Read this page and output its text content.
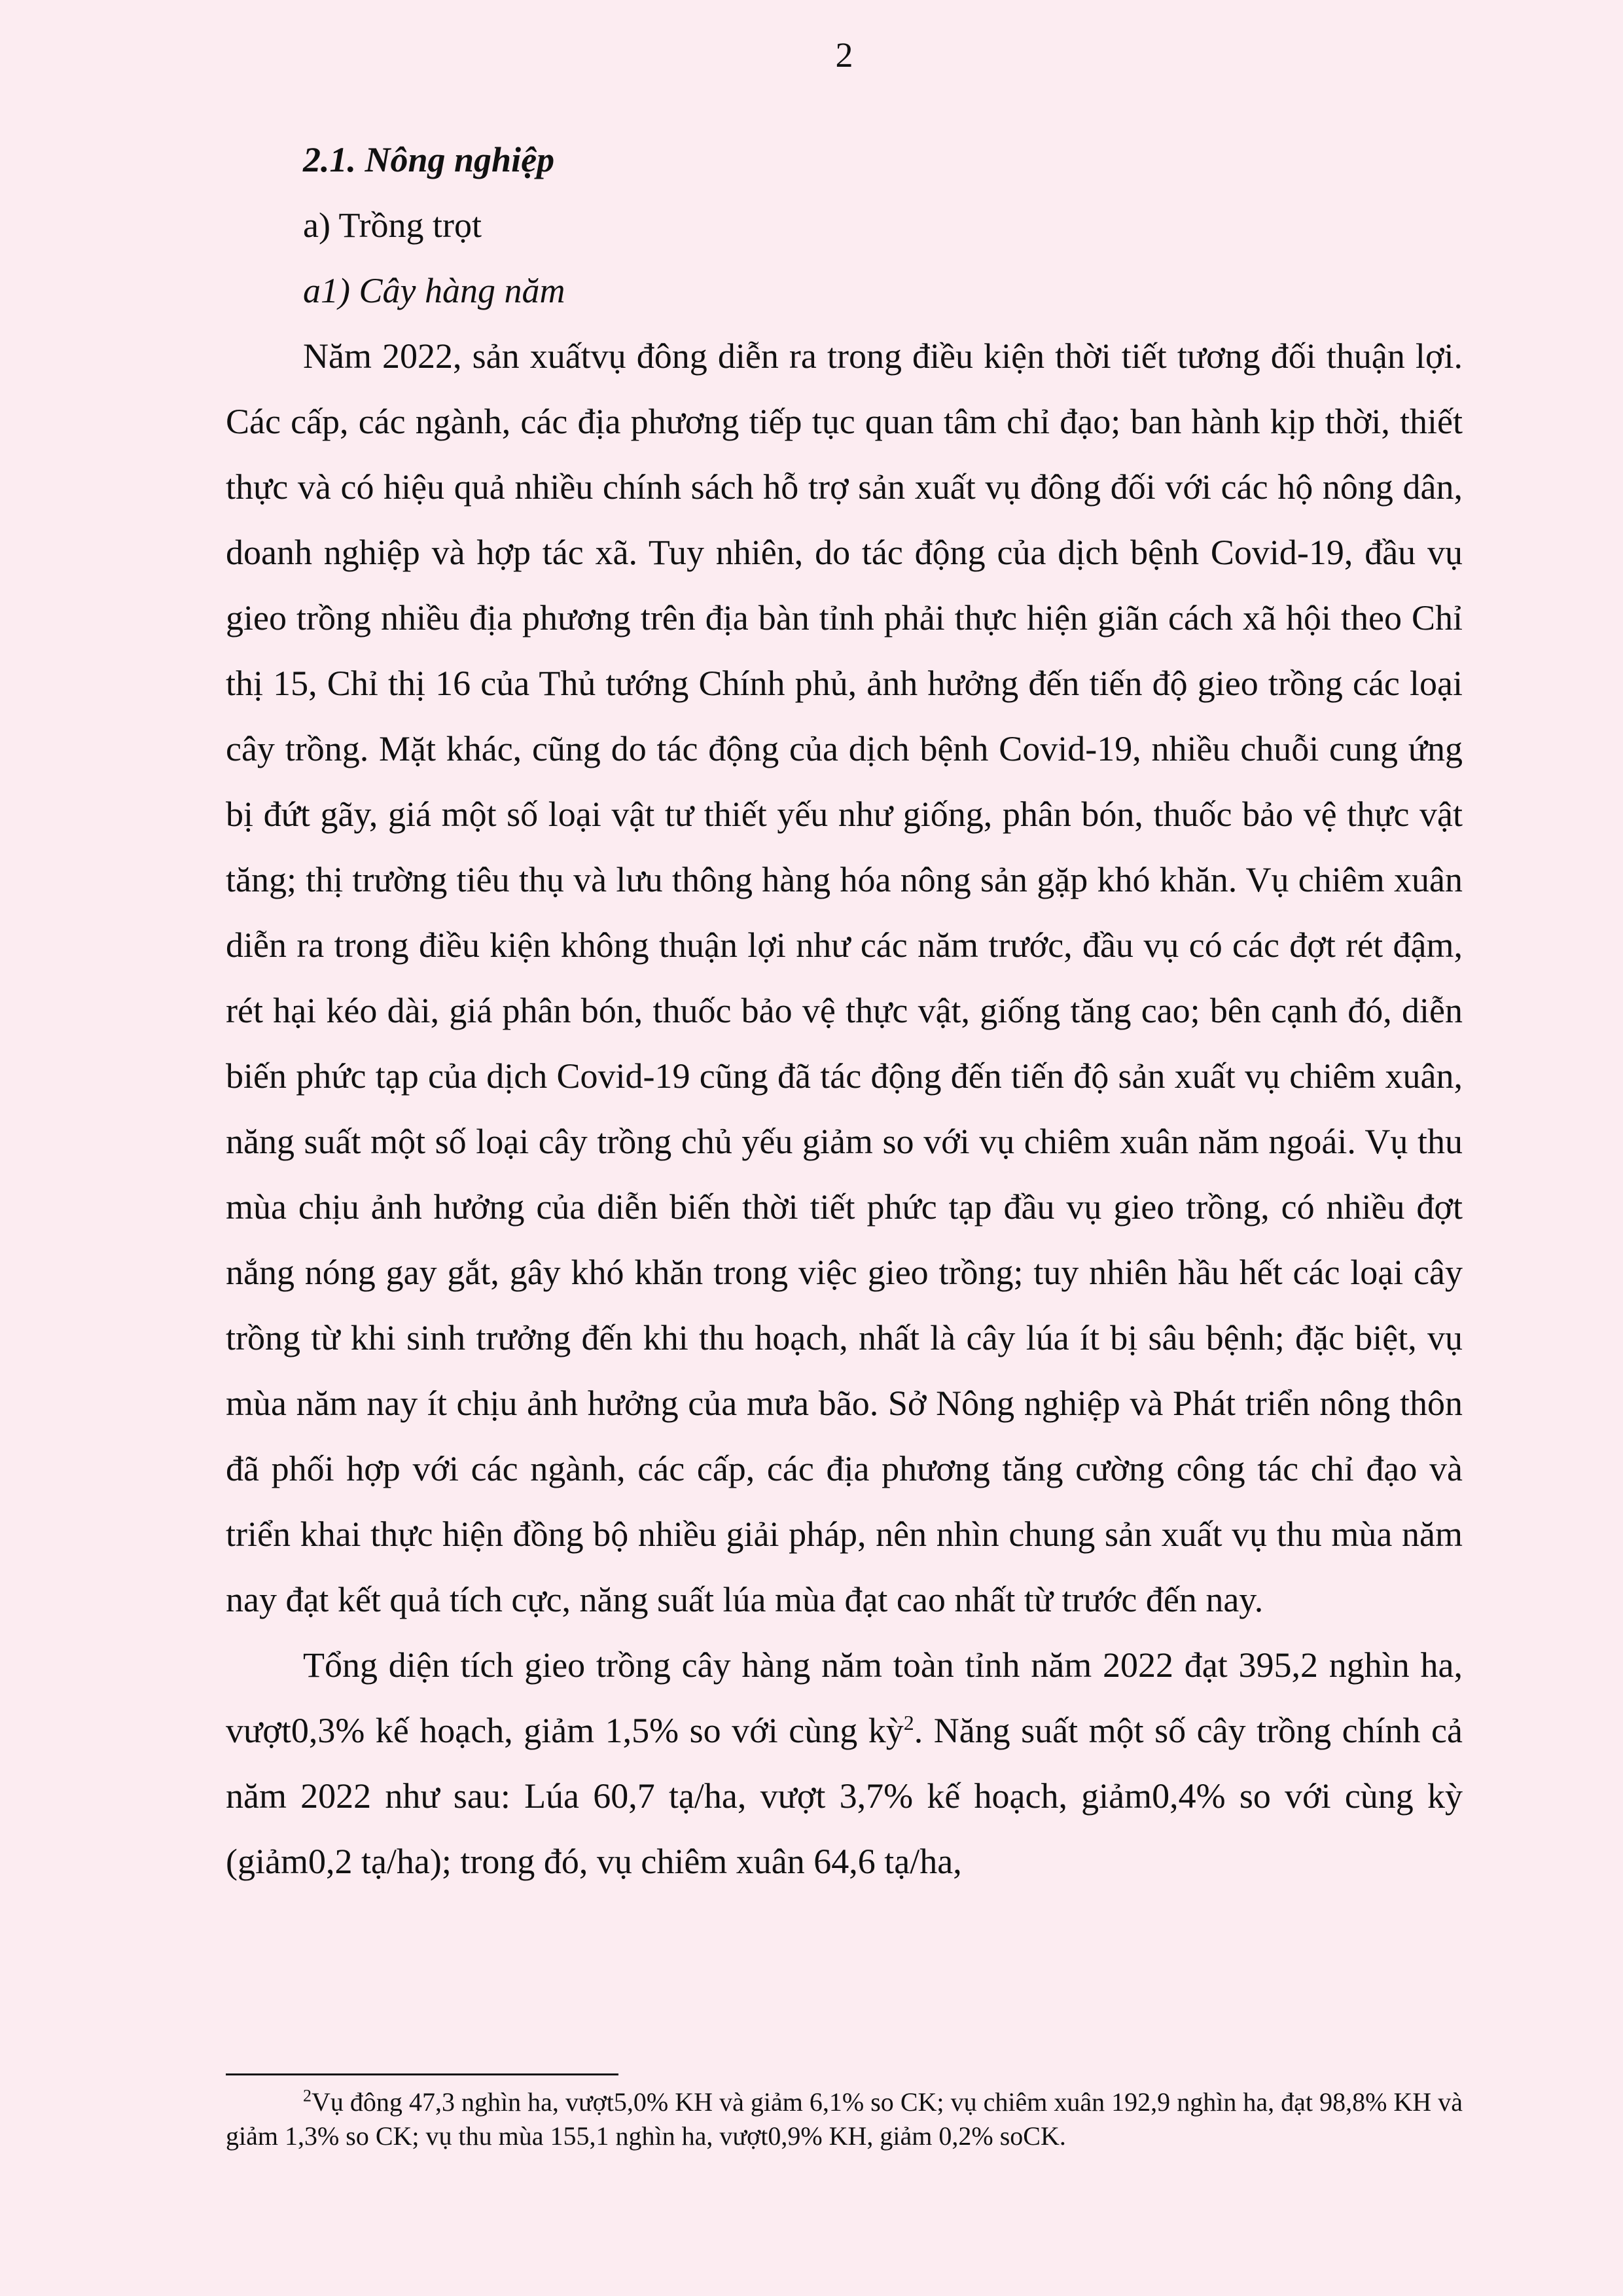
2

2.1. Nông nghiệp

a) Trồng trọt

a1) Cây hàng năm

Năm 2022, sản xuấtvụ đông diễn ra trong điều kiện thời tiết tương đối thuận lợi. Các cấp, các ngành, các địa phương tiếp tục quan tâm chỉ đạo; ban hành kịp thời, thiết thực và có hiệu quả nhiều chính sách hỗ trợ sản xuất vụ đông đối với các hộ nông dân, doanh nghiệp và hợp tác xã. Tuy nhiên, do tác động của dịch bệnh Covid-19, đầu vụ gieo trồng nhiều địa phương trên địa bàn tỉnh phải thực hiện giãn cách xã hội theo Chỉ thị 15, Chỉ thị 16 của Thủ tướng Chính phủ, ảnh hưởng đến tiến độ gieo trồng các loại cây trồng. Mặt khác, cũng do tác động của dịch bệnh Covid-19, nhiều chuỗi cung ứng bị đứt gãy, giá một số loại vật tư thiết yếu như giống, phân bón, thuốc bảo vệ thực vật tăng; thị trường tiêu thụ và lưu thông hàng hóa nông sản gặp khó khăn. Vụ chiêm xuân diễn ra trong điều kiện không thuận lợi như các năm trước, đầu vụ có các đợt rét đậm, rét hại kéo dài, giá phân bón, thuốc bảo vệ thực vật, giống tăng cao; bên cạnh đó, diễn biến phức tạp của dịch Covid-19 cũng đã tác động đến tiến độ sản xuất vụ chiêm xuân, năng suất một số loại cây trồng chủ yếu giảm so với vụ chiêm xuân năm ngoái. Vụ thu mùa chịu ảnh hưởng của diễn biến thời tiết phức tạp đầu vụ gieo trồng, có nhiều đợt nắng nóng gay gắt, gây khó khăn trong việc gieo trồng; tuy nhiên hầu hết các loại cây trồng từ khi sinh trưởng đến khi thu hoạch, nhất là cây lúa ít bị sâu bệnh; đặc biệt, vụ mùa năm nay ít chịu ảnh hưởng của mưa bão. Sở Nông nghiệp và Phát triển nông thôn đã phối hợp với các ngành, các cấp, các địa phương tăng cường công tác chỉ đạo và triển khai thực hiện đồng bộ nhiều giải pháp, nên nhìn chung sản xuất vụ thu mùa năm nay đạt kết quả tích cực, năng suất lúa mùa đạt cao nhất từ trước đến nay.

Tổng diện tích gieo trồng cây hàng năm toàn tỉnh năm 2022 đạt 395,2 nghìn ha, vượt0,3% kế hoạch, giảm 1,5% so với cùng kỳ$^2$. Năng suất một số cây trồng chính cả năm 2022 như sau: Lúa 60,7 tạ/ha, vượt 3,7% kế hoạch, giảm0,4% so với cùng kỳ (giảm0,2 tạ/ha); trong đó, vụ chiêm xuân 64,6 tạ/ha,

$^2$Vụ đông 47,3 nghìn ha, vượt5,0% KH và giảm 6,1% so CK; vụ chiêm xuân 192,9 nghìn ha, đạt 98,8% KH và giảm 1,3% so CK; vụ thu mùa 155,1 nghìn ha, vượt0,9% KH, giảm 0,2% soCK.
